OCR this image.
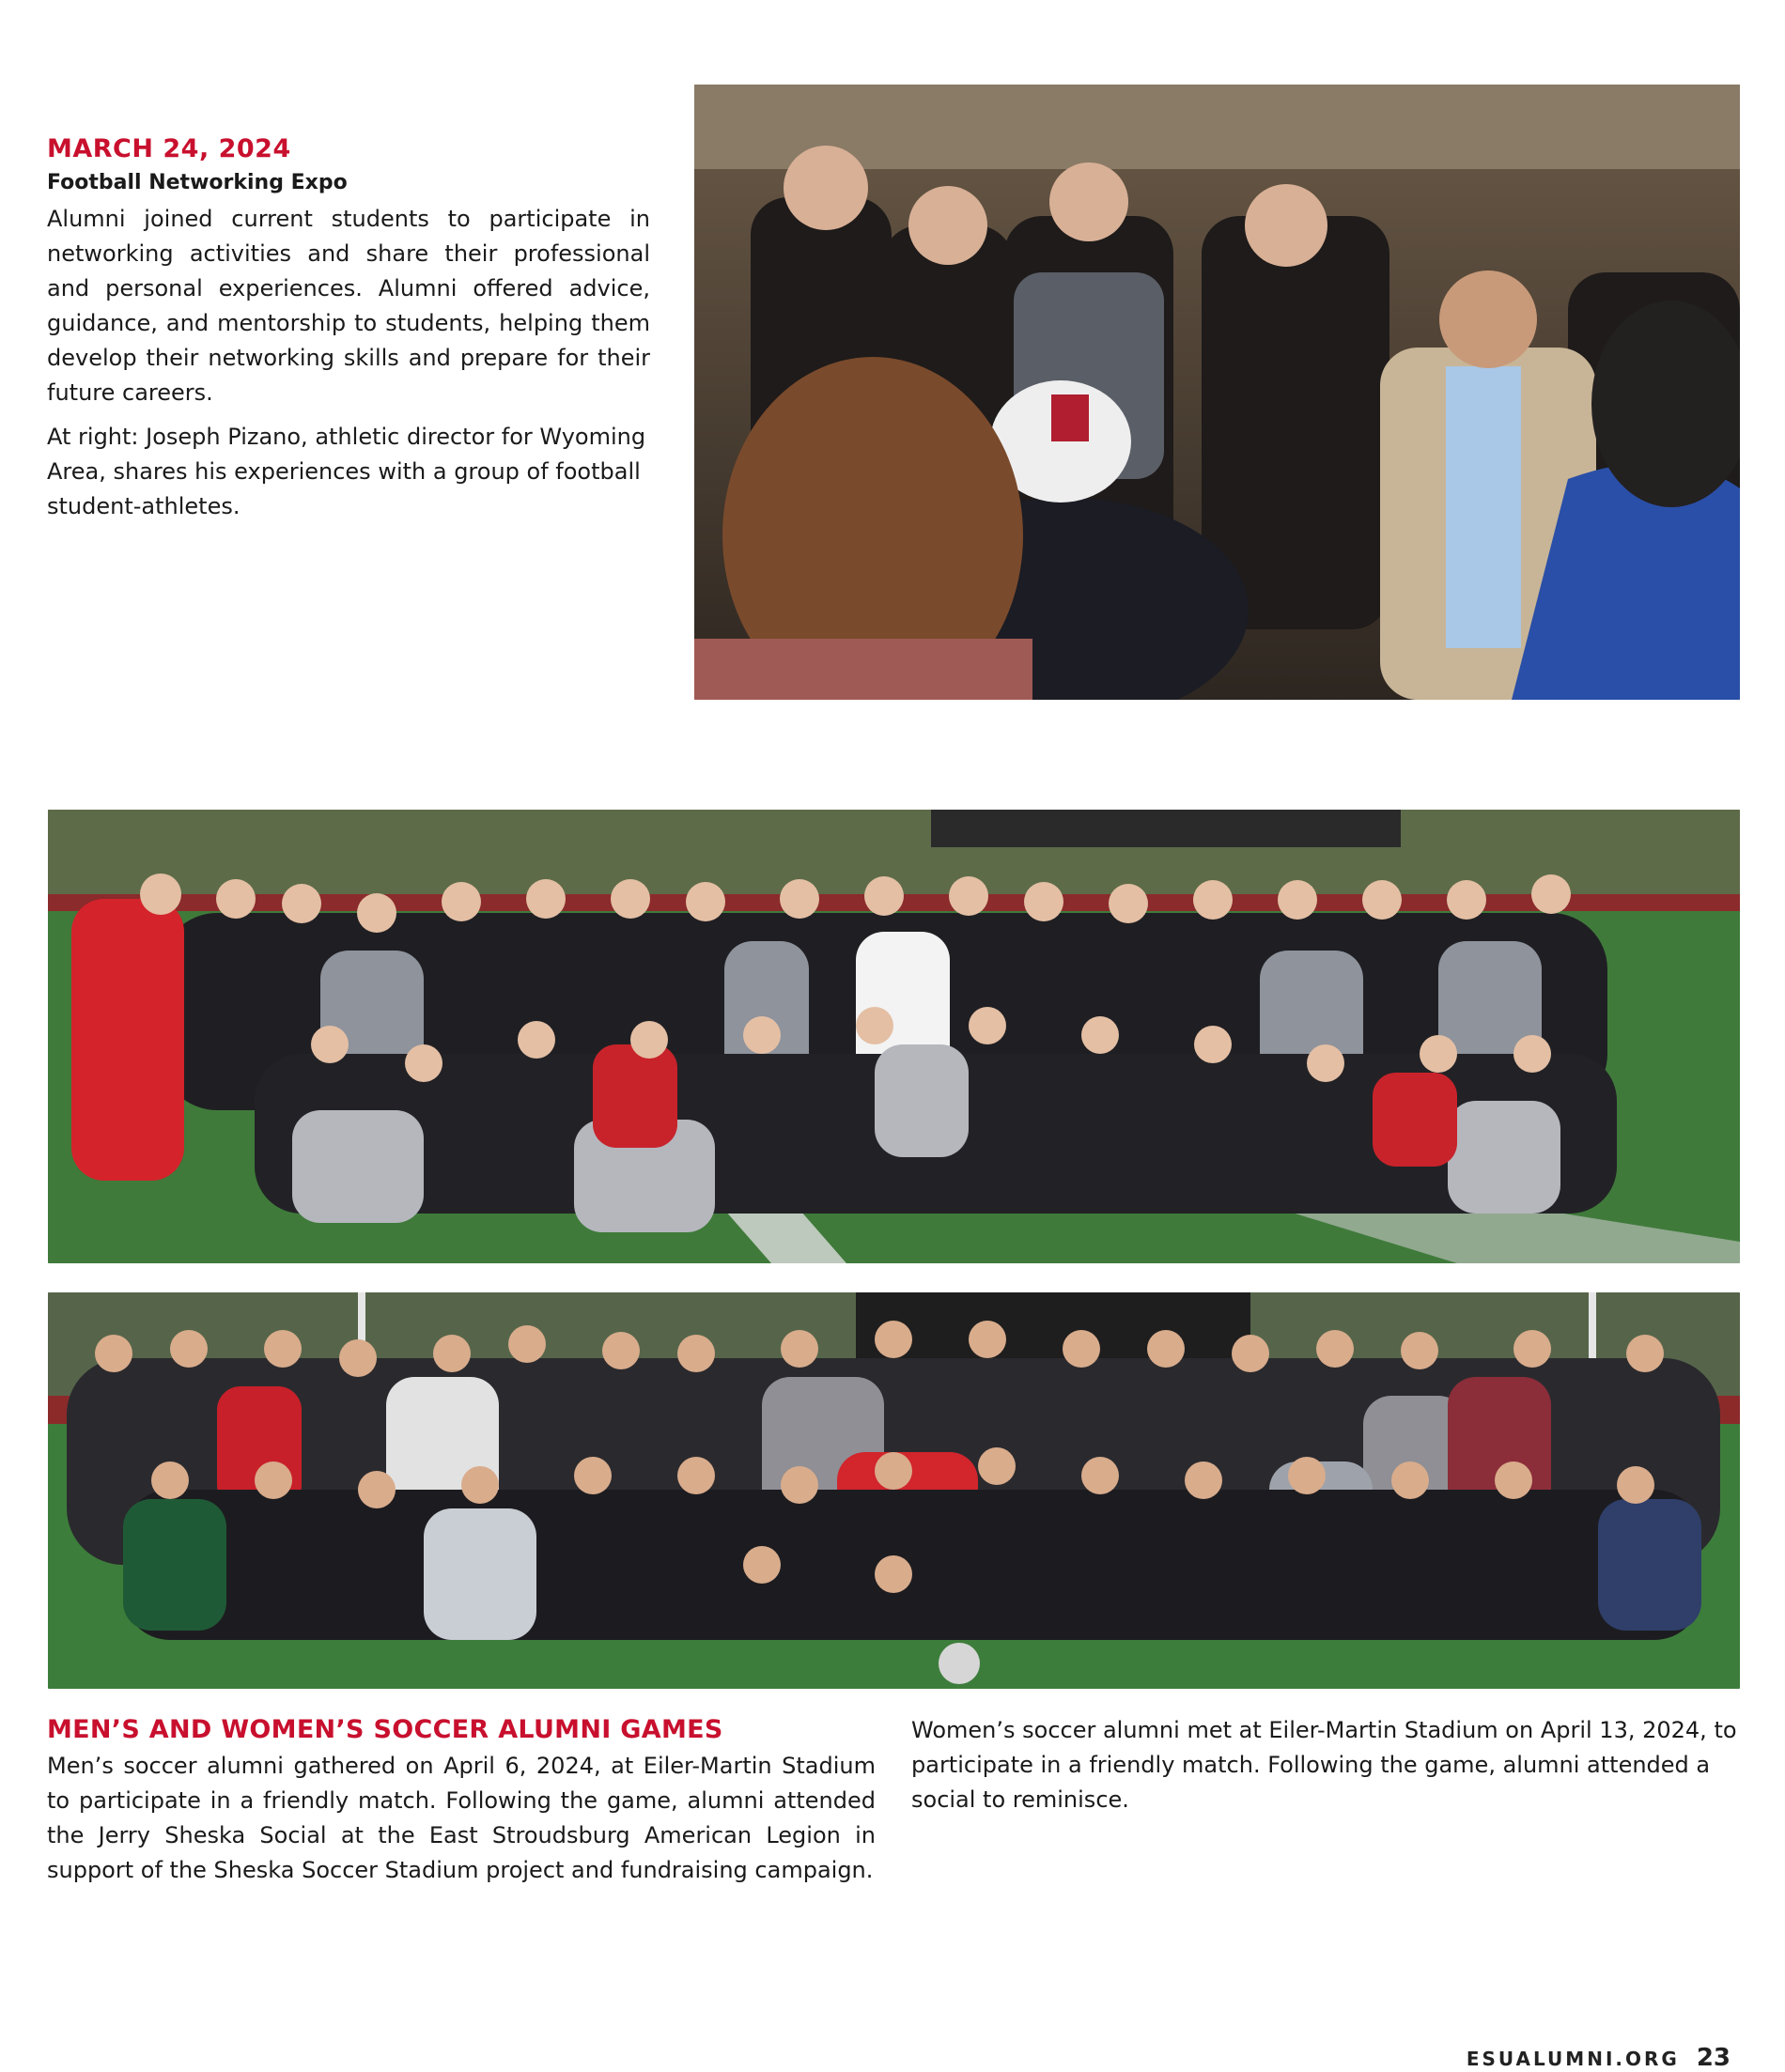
MARCH 24, 2024
Football Networking Expo

Alumni joined current students to participate in networking activities and share their professional and personal experiences. Alumni offered advice, guidance, and mentorship to students, helping them develop their networking skills and prepare for their future careers.

At right: Joseph Pizano, athletic director for Wyoming Area, shares his experiences with a group of football student-athletes.

MEN’S AND WOMEN’S SOCCER ALUMNI GAMES

Men’s soccer alumni gathered on April 6, 2024, at Eiler-Martin Stadium to participate in a friendly match. Following the game, alumni attended the Jerry Sheska Social at the East Stroudsburg American Legion in support of the Sheska Soccer Stadium project and fundraising campaign.

Women’s soccer alumni met at Eiler-Martin Stadium on April 13, 2024, to participate in a friendly match. Following the game, alumni attended a social to reminisce.

ESUALUMNI.ORG 23
